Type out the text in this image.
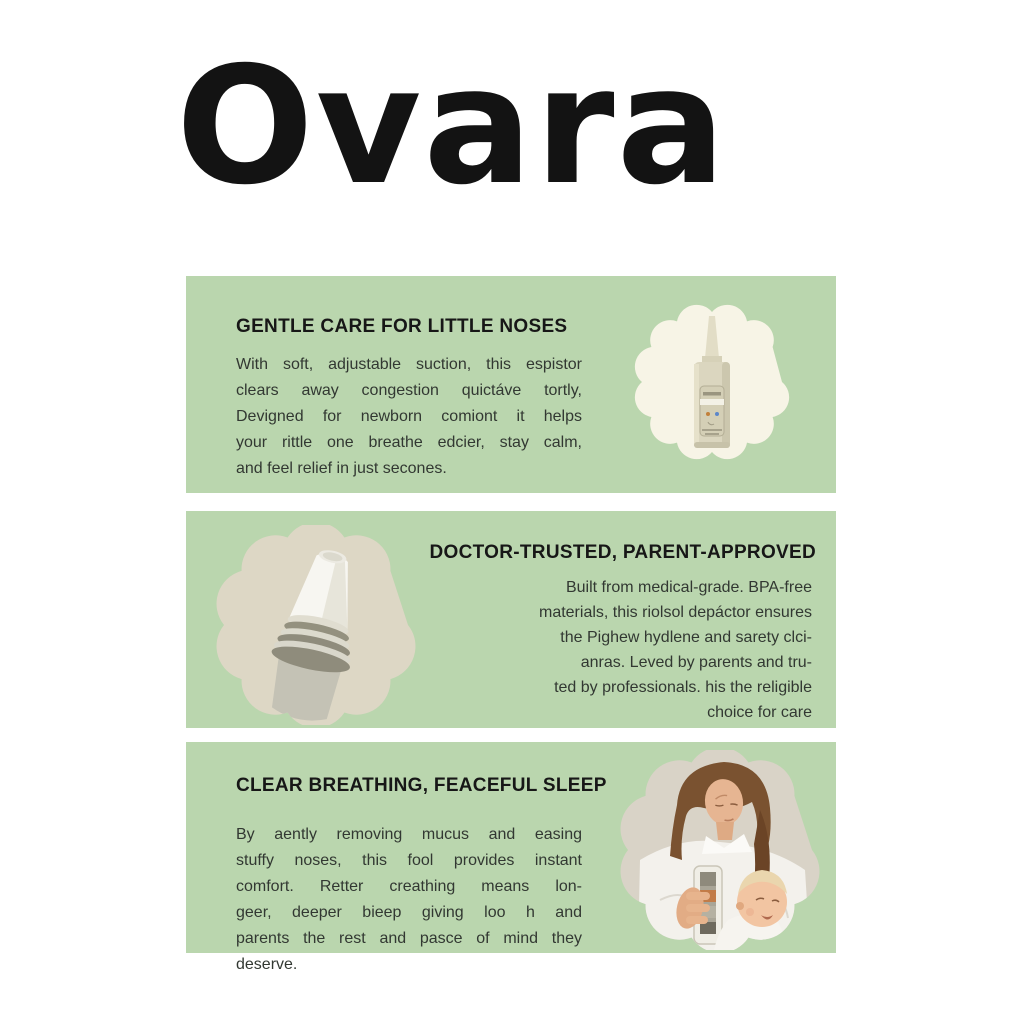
Ovara
GENTLE CARE FOR LITTLE NOSES
With soft, adjustable suction, this espistor
clears away congestion quictáve tortly,
Devigned for newborn comiont it helps
your rittle one breathe edcier, stay calm,
and feel relief in just secones.
DOCTOR-TRUSTED, PARENT-APPROVED
Built from medical-grade. BPA-free
materials, this riolsol depáctor ensures
the Pighew hydlene and sarety clci-
anras. Leved by parents and tru-
ted by professionals. his the religible
choice for care
CLEAR BREATHING, FEACEFUL SLEEP
By aently removing mucus and easing
stuffy noses, this fool provides instant
comfort. Retter creathing means lon-
geer, deeper bieep giving loo h and
parents the rest and pasce of mind they
deserve.
